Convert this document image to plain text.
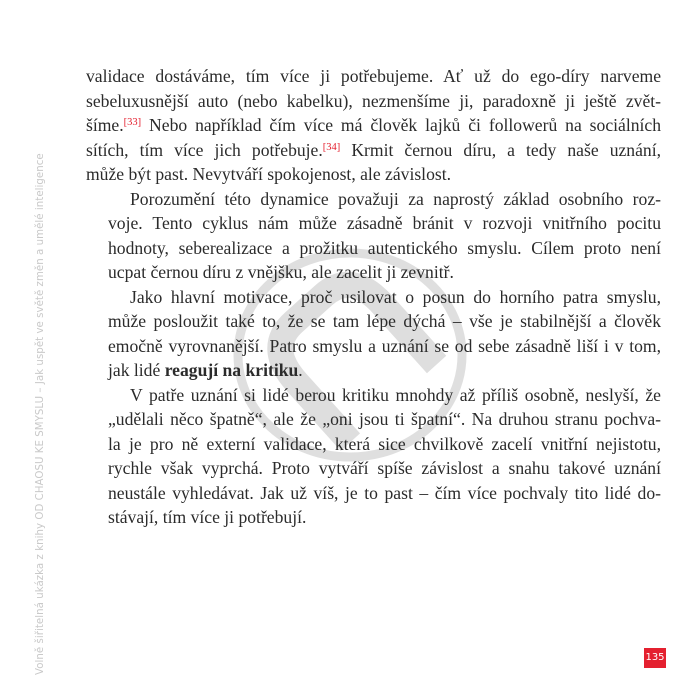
Volně šiřitelná ukázka z knihy OD CHAOSU KE SMYSLU – Jak uspět ve světě změn a umělé inteligence

validace dostáváme, tím více ji potřebujeme. Ať už do ego-díry narveme
sebeluxusnější auto (nebo kabelku), nezmenšíme ji, paradoxně ji ještě zvět-
šíme.[33] Nebo například čím více má člověk lajků či followerů na sociálních
sítích, tím více jich potřebuje.[34] Krmit černou díru, a tedy naše uznání,
může být past. Nevytváří spokojenost, ale závislost.

Porozumění této dynamice považuji za naprostý základ osobního roz-
voje. Tento cyklus nám může zásadně bránit v rozvoji vnitřního pocitu
hodnoty, seberealizace a prožitku autentického smyslu. Cílem proto není
ucpat černou díru z vnějšku, ale zacelit ji zevnitř.

Jako hlavní motivace, proč usilovat o posun do horního patra smyslu,
může posloužit také to, že se tam lépe dýchá – vše je stabilnější a člověk
emočně vyrovnanější. Patro smyslu a uznání se od sebe zásadně liší i v tom,
jak lidé reagují na kritiku.

V patře uznání si lidé berou kritiku mnohdy až příliš osobně, neslyší, že
„udělali něco špatně“, ale že „oni jsou ti špatní“. Na druhou stranu pochva-
la je pro ně externí validace, která sice chvilkově zacelí vnitřní nejistotu,
rychle však vyprchá. Proto vytváří spíše závislost a snahu takové uznání
neustále vyhledávat. Jak už víš, je to past – čím více pochvaly tito lidé do-
stávají, tím více ji potřebují.

135
